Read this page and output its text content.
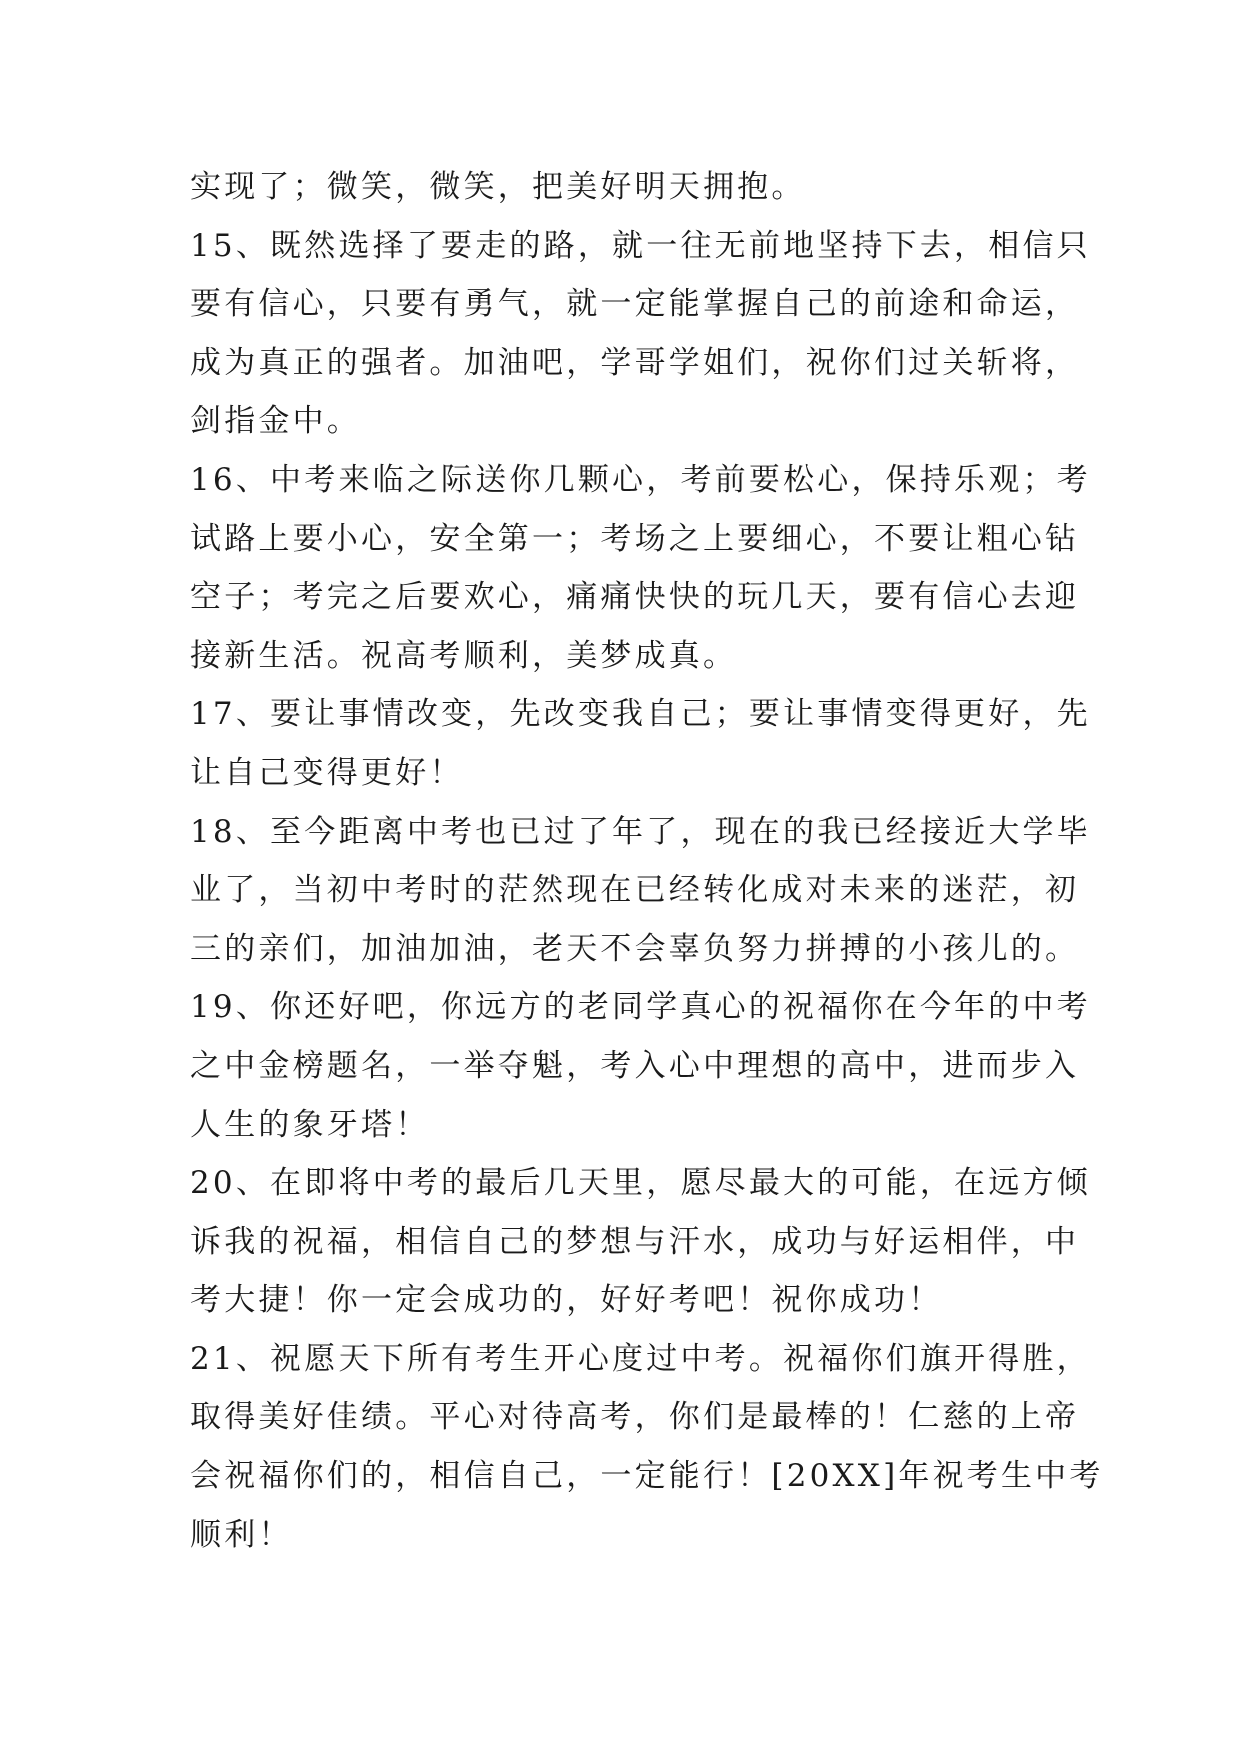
实现了；微笑，微笑，把美好明天拥抱。
15、既然选择了要走的路，就一往无前地坚持下去，相信只
要有信心，只要有勇气，就一定能掌握自己的前途和命运，
成为真正的强者。加油吧，学哥学姐们，祝你们过关斩将，
剑指金中。
16、中考来临之际送你几颗心，考前要松心，保持乐观；考
试路上要小心，安全第一；考场之上要细心，不要让粗心钻
空子；考完之后要欢心，痛痛快快的玩几天，要有信心去迎
接新生活。祝高考顺利，美梦成真。
17、要让事情改变，先改变我自己；要让事情变得更好，先
让自己变得更好！
18、至今距离中考也已过了年了，现在的我已经接近大学毕
业了，当初中考时的茫然现在已经转化成对未来的迷茫，初
三的亲们，加油加油，老天不会辜负努力拼搏的小孩儿的。
19、你还好吧，你远方的老同学真心的祝福你在今年的中考
之中金榜题名，一举夺魁，考入心中理想的高中，进而步入
人生的象牙塔！
20、在即将中考的最后几天里，愿尽最大的可能，在远方倾
诉我的祝福，相信自己的梦想与汗水，成功与好运相伴，中
考大捷！你一定会成功的，好好考吧！祝你成功！
21、祝愿天下所有考生开心度过中考。祝福你们旗开得胜，
取得美好佳绩。平心对待高考，你们是最棒的！仁慈的上帝
会祝福你们的，相信自己，一定能行！[20XX]年祝考生中考
顺利！
